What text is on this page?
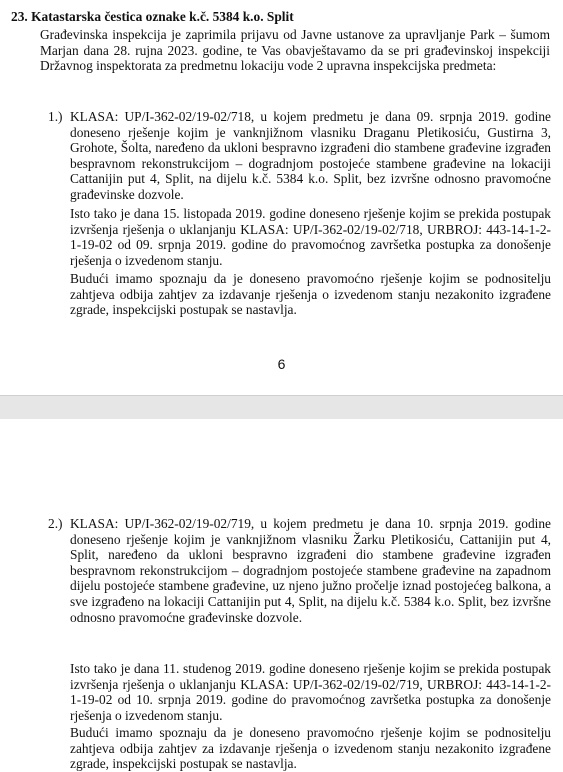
23. Katastarska čestica oznake k.č. 5384 k.o. Split

Građevinska inspekcija je zaprimila prijavu od Javne ustanove za upravljanje Park – šumom Marjan dana 28. rujna 2023. godine, te Vas obavještavamo da se pri građevinskoj inspekciji Državnog inspektorata za predmetnu lokaciju vode 2 upravna inspekcijska predmeta:

1.) KLASA: UP/I-362-02/19-02/718, u kojem predmetu je dana 09. srpnja 2019. godine doneseno rješenje kojim je vanknjižnom vlasniku Draganu Pletikosiću, Gustirna 3, Grohote, Šolta, naređeno da ukloni bespravno izgrađeni dio stambene građevine izgrađen bespravnom rekonstrukcijom – dogradnjom postojeće stambene građevine na lokaciji Cattanijin put 4, Split, na dijelu k.č. 5384 k.o. Split, bez izvršne odnosno pravomoćne građevinske dozvole.

Isto tako je dana 15. listopada 2019. godine doneseno rješenje kojim se prekida postupak izvršenja rješenja o uklanjanju KLASA: UP/I-362-02/19-02/718, URBROJ: 443-14-1-2-1-19-02 od 09. srpnja 2019. godine do pravomoćnog završetka postupka za donošenje rješenja o izvedenom stanju.

Budući imamo spoznaju da je doneseno pravomoćno rješenje kojim se podnositelju zahtjeva odbija zahtjev za izdavanje rješenja o izvedenom stanju nezakonito izgrađene zgrade, inspekcijski postupak se nastavlja.

6
2.) KLASA: UP/I-362-02/19-02/719, u kojem predmetu je dana 10. srpnja 2019. godine doneseno rješenje kojim je vanknjižnom vlasniku Žarku Pletikosiću, Cattanijin put 4, Split, naređeno da ukloni bespravno izgrađeni dio stambene građevine izgrađen bespravnom rekonstrukcijom – dogradnjom postojeće stambene građevine na zapadnom dijelu postojeće stambene građevine, uz njeno južno pročelje iznad postojećeg balkona, a sve izgrađeno na lokaciji Cattanijin put 4, Split, na dijelu k.č. 5384 k.o. Split, bez izvršne odnosno pravomoćne građevinske dozvole.

Isto tako je dana 11. studenog 2019. godine doneseno rješenje kojim se prekida postupak izvršenja rješenja o uklanjanju KLASA: UP/I-362-02/19-02/719, URBROJ: 443-14-1-2-1-19-02 od 10. srpnja 2019. godine do pravomoćnog završetka postupka za donošenje rješenja o izvedenom stanju.

Budući imamo spoznaju da je doneseno pravomoćno rješenje kojim se podnositelju zahtjeva odbija zahtjev za izdavanje rješenja o izvedenom stanju nezakonito izgrađene zgrade, inspekcijski postupak se nastavlja.
